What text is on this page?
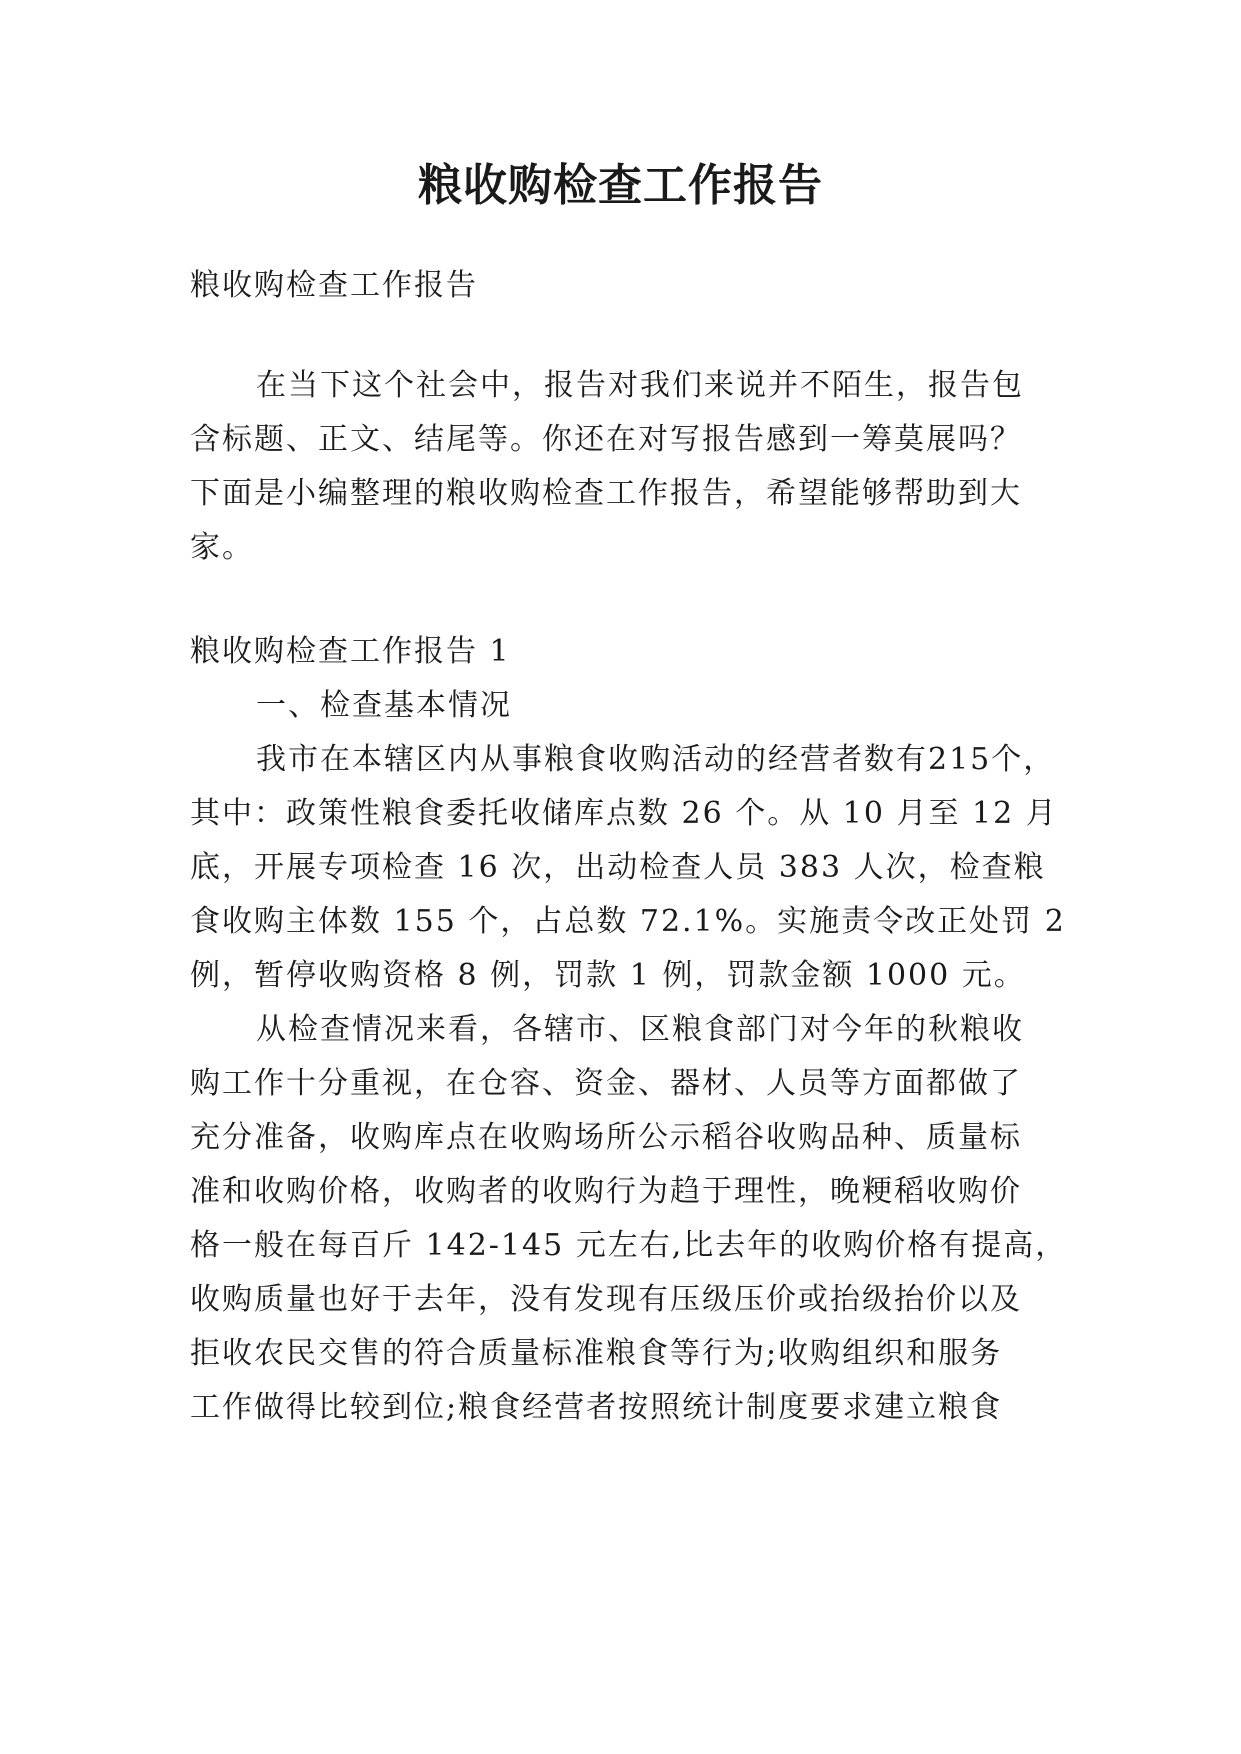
粮收购检查工作报告
粮收购检查工作报告
在当下这个社会中，报告对我们来说并不陌生，报告包
含标题、正文、结尾等。你还在对写报告感到一筹莫展吗？
下面是小编整理的粮收购检查工作报告，希望能够帮助到大
家。
粮收购检查工作报告 1
一、检查基本情况
我市在本辖区内从事粮食收购活动的经营者数有215个，
其中：政策性粮食委托收储库点数 26 个。从 10 月至 12 月
底，开展专项检查 16 次，出动检查人员 383 人次，检查粮
食收购主体数 155 个，占总数 72.1%。实施责令改正处罚 2
例，暂停收购资格 8 例，罚款 1 例，罚款金额 1000 元。
从检查情况来看，各辖市、区粮食部门对今年的秋粮收
购工作十分重视，在仓容、资金、器材、人员等方面都做了
充分准备，收购库点在收购场所公示稻谷收购品种、质量标
准和收购价格，收购者的收购行为趋于理性，晚粳稻收购价
格一般在每百斤 142-145 元左右,比去年的收购价格有提高，
收购质量也好于去年，没有发现有压级压价或抬级抬价以及
拒收农民交售的符合质量标准粮食等行为;收购组织和服务
工作做得比较到位;粮食经营者按照统计制度要求建立粮食
